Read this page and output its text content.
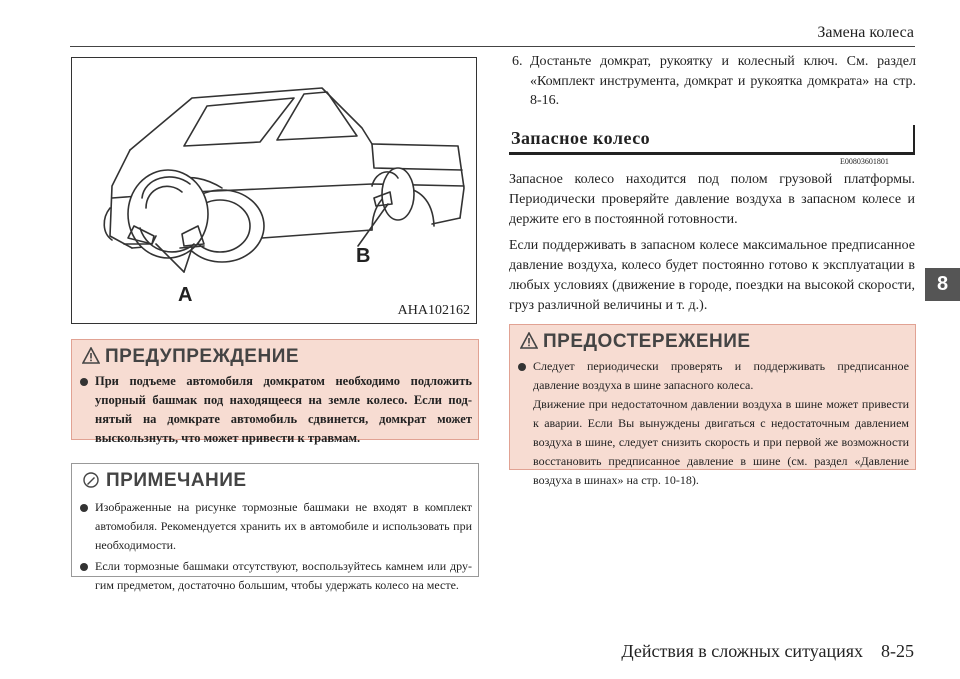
Замена колеса
8
A
B
AHA102162
ПРЕДУПРЕЖДЕНИЕ
При подъеме автомобиля домкратом необходимо подложить упорный башмак под находящееся на земле колесо. Если поднятый на домкрате автомобиль сдвинется, домкрат может выскользнуть, что может привести к травмам.
ПРИМЕЧАНИЕ
Изображенные на рисунке тормозные башмаки не входят в комплект автомобиля. Рекомендуется хранить их в автомобиле и использовать при необходимости.
Если тормозные башмаки отсутствуют, воспользуйтесь камнем или другим предметом, достаточно большим, чтобы удержать колесо на месте.
6. Достаньте домкрат, рукоятку и колесный ключ. См. раздел «Комплект инструмента, домкрат и рукоятка домкрата» на стр. 8-16.
Запасное колесо
E00803601801
Запасное колесо находится под полом грузовой платформы. Периодически проверяйте давление воздуха в запасном колесе и держите его в постоянной готовности.
Если поддерживать в запасном колесе максимальное предписанное давление воздуха, колесо будет постоянно готово к эксплуатации в любых условиях (движение в городе, поездки на высокой скорости, груз различной величины и т. д.).
ПРЕДОСТЕРЕЖЕНИЕ
Следует периодически проверять и поддерживать предписанное давление воздуха в шине запасного колеса.
Движение при недостаточном давлении воздуха в шине может привести к аварии. Если Вы вынуждены двигаться с недостаточным давлением воздуха в шине, следует снизить скорость и при первой же возможности восстановить предписанное давление в шине (см. раздел «Давление воздуха в шинах» на стр. 10-18).
Действия в сложных ситуациях    8-25
